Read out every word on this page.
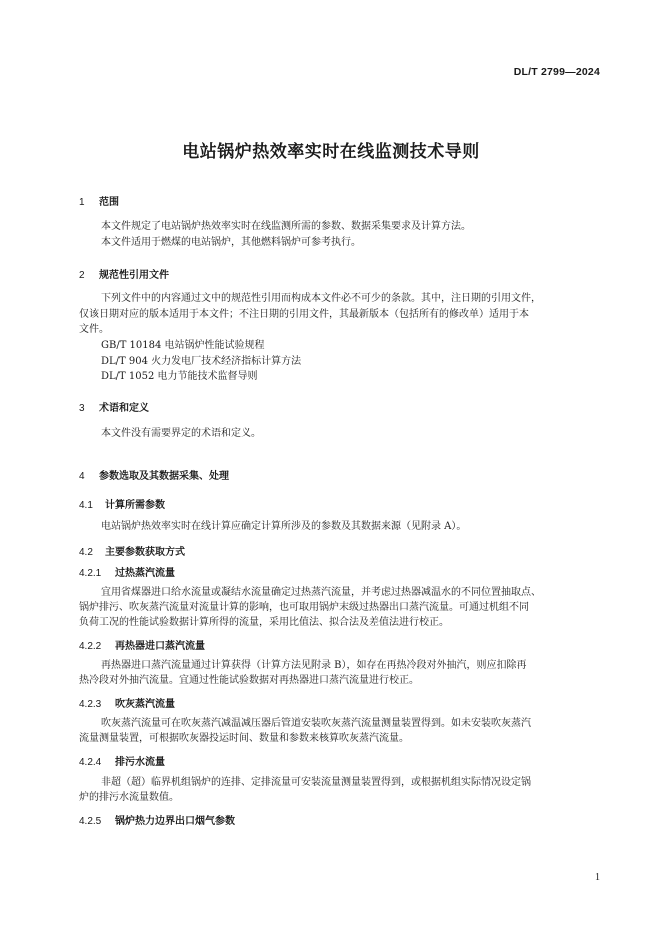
DL/T 2799—2024
电站锅炉热效率实时在线监测技术导则
1 范围
本文件规定了电站锅炉热效率实时在线监测所需的参数、数据采集要求及计算方法。
本文件适用于燃煤的电站锅炉，其他燃料锅炉可参考执行。
2 规范性引用文件
下列文件中的内容通过文中的规范性引用而构成本文件必不可少的条款。其中，注日期的引用文件，
仅该日期对应的版本适用于本文件；不注日期的引用文件，其最新版本（包括所有的修改单）适用于本
文件。
GB/T 10184 电站锅炉性能试验规程
DL/T 904 火力发电厂技术经济指标计算方法
DL/T 1052 电力节能技术监督导则
3 术语和定义
本文件没有需要界定的术语和定义。
4 参数选取及其数据采集、处理
4.1 计算所需参数
电站锅炉热效率实时在线计算应确定计算所涉及的参数及其数据来源（见附录 A）。
4.2 主要参数获取方式
4.2.1 过热蒸汽流量
宜用省煤器进口给水流量或凝结水流量确定过热蒸汽流量，并考虑过热器减温水的不同位置抽取点、
锅炉排污、吹灰蒸汽流量对流量计算的影响，也可取用锅炉末级过热器出口蒸汽流量。可通过机组不同
负荷工况的性能试验数据计算所得的流量，采用比值法、拟合法及差值法进行校正。
4.2.2 再热器进口蒸汽流量
再热器进口蒸汽流量通过计算获得（计算方法见附录 B），如存在再热冷段对外抽汽，则应扣除再
热冷段对外抽汽流量。宜通过性能试验数据对再热器进口蒸汽流量进行校正。
4.2.3 吹灰蒸汽流量
吹灰蒸汽流量可在吹灰蒸汽减温减压器后管道安装吹灰蒸汽流量测量装置得到。如未安装吹灰蒸汽
流量测量装置，可根据吹灰器投运时间、数量和参数来核算吹灰蒸汽流量。
4.2.4 排污水流量
非超（超）临界机组锅炉的连排、定排流量可安装流量测量装置得到，或根据机组实际情况设定锅
炉的排污水流量数值。
4.2.5 锅炉热力边界出口烟气参数
1
